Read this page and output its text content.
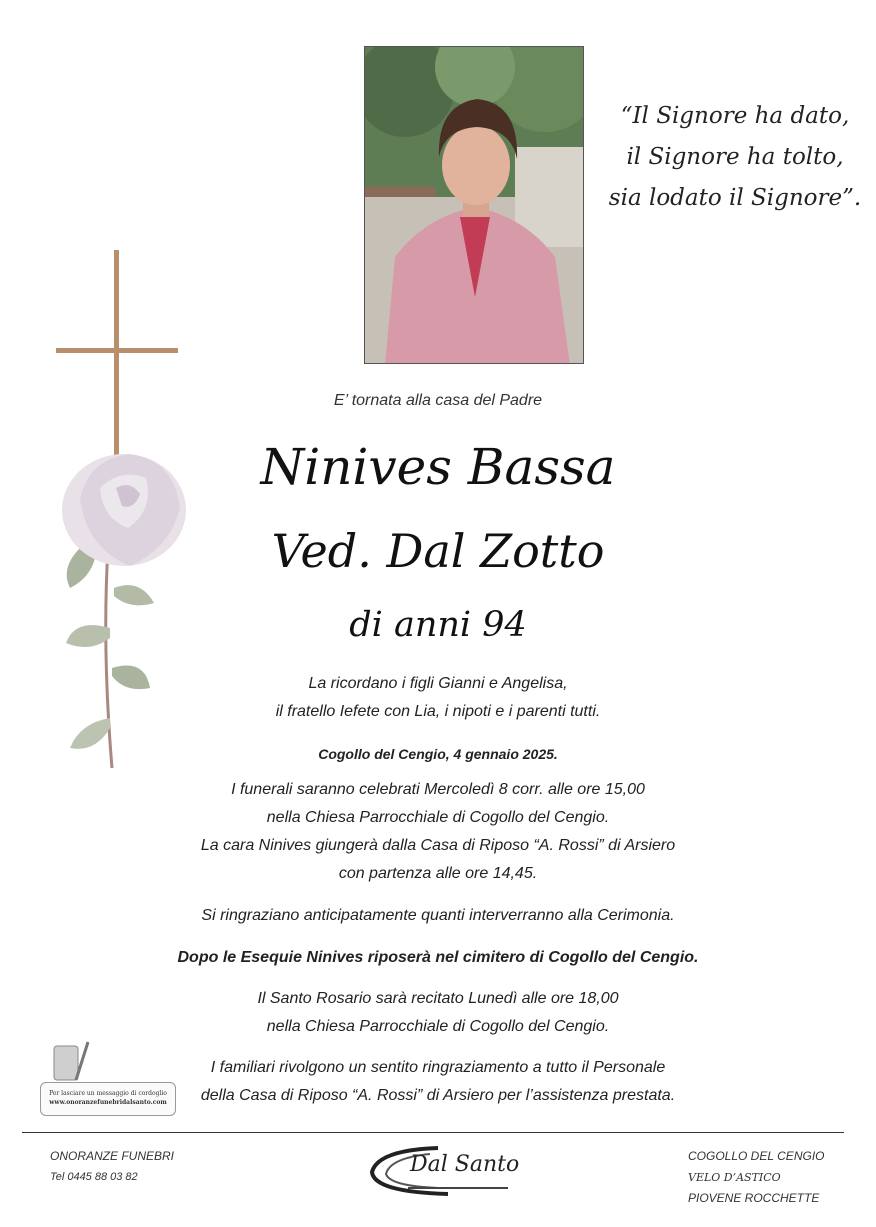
“Il Signore ha dato,
il Signore ha tolto,
sia lodato il Signore”.
E’ tornata alla casa del Padre
Ninives Bassa
Ved. Dal Zotto
di anni 94
La ricordano i figli Gianni e Angelisa,
il fratello Iefete con Lia, i nipoti e i parenti tutti.
Cogollo del Cengio, 4 gennaio 2025.
I funerali saranno celebrati Mercoledì 8 corr. alle ore 15,00
nella Chiesa Parrocchiale di Cogollo del Cengio.
La cara Ninives giungerà dalla Casa di Riposo “A. Rossi” di Arsiero
con partenza alle ore 14,45.
Si ringraziano anticipatamente quanti interverranno alla Cerimonia.
Dopo le Esequie Ninives riposerà nel cimitero di Cogollo del Cengio.
Il Santo Rosario sarà recitato Lunedì alle ore 18,00
nella Chiesa Parrocchiale di Cogollo del Cengio.
I familiari rivolgono un sentito ringraziamento a tutto il Personale
della Casa di Riposo “A. Rossi” di Arsiero per l’assistenza prestata.
Per lasciare un messaggio di cordoglio
www.onoranzefunebridalsanto.com
ONORANZE FUNEBRI
Tel 0445 88 03 82	Dal Santo	COGOLLO DEL CENGIO
VELO D’ASTICO
PIOVENE ROCCHETTE
